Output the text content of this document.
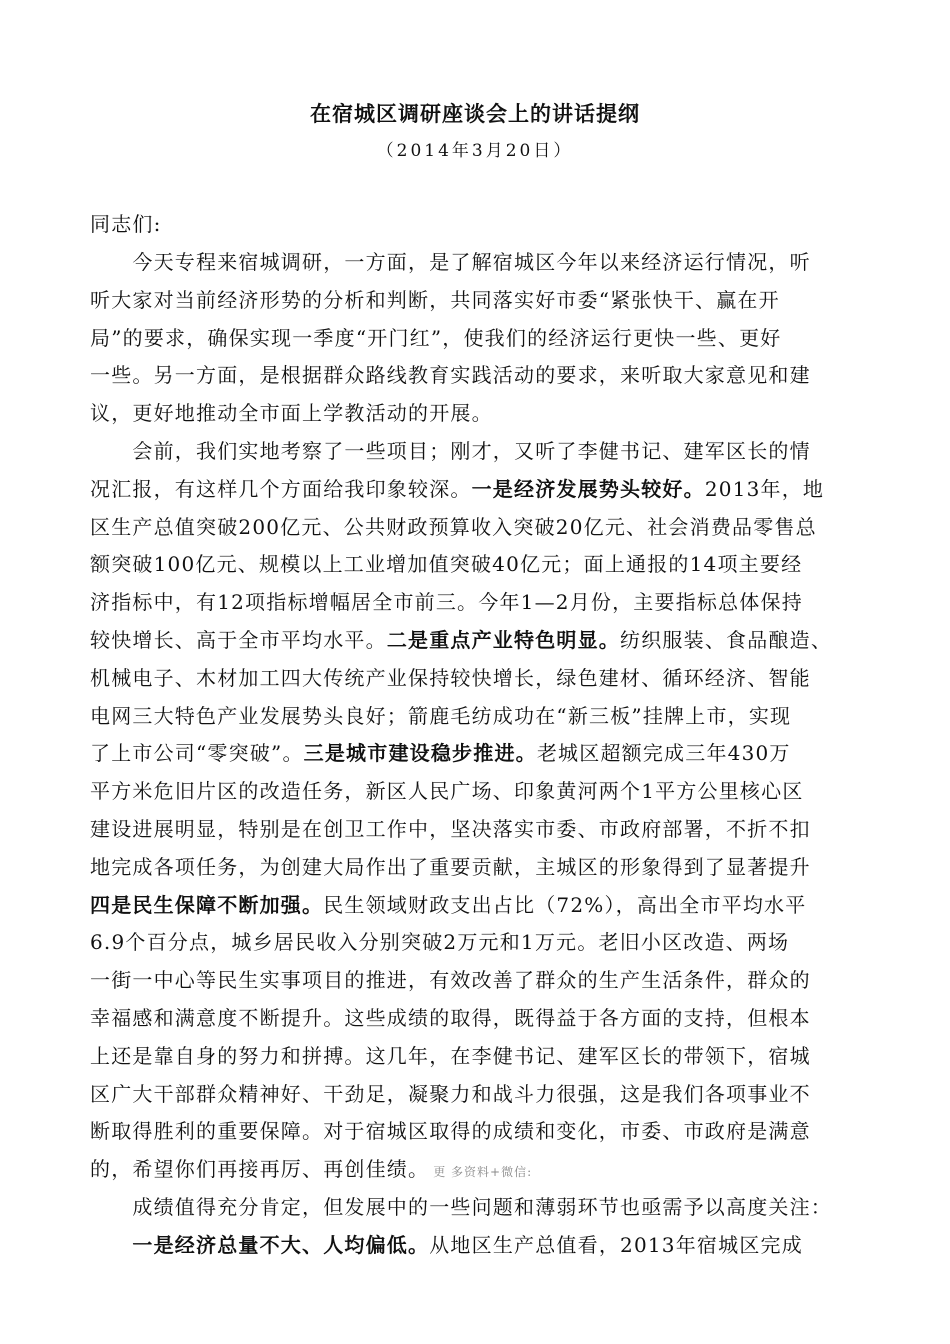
在宿城区调研座谈会上的讲话提纲
（2014年3月20日）
同志们:
　　今天专程来宿城调研，一方面，是了解宿城区今年以来经济运行情况，听
听大家对当前经济形势的分析和判断，共同落实好市委“紧张快干、赢在开
局”的要求，确保实现一季度“开门红”，使我们的经济运行更快一些、更好
一些。另一方面，是根据群众路线教育实践活动的要求，来听取大家意见和建
议，更好地推动全市面上学教活动的开展。
　　会前，我们实地考察了一些项目；刚才，又听了李健书记、建军区长的情
况汇报，有这样几个方面给我印象较深。一是经济发展势头较好。2013年，地
区生产总值突破200亿元、公共财政预算收入突破20亿元、社会消费品零售总
额突破100亿元、规模以上工业增加值突破40亿元；面上通报的14项主要经
济指标中，有12项指标增幅居全市前三。今年1—2月份，主要指标总体保持
较快增长、高于全市平均水平。二是重点产业特色明显。纺织服装、食品酿造、
机械电子、木材加工四大传统产业保持较快增长，绿色建材、循环经济、智能
电网三大特色产业发展势头良好；箭鹿毛纺成功在“新三板”挂牌上市，实现
了上市公司“零突破”。三是城市建设稳步推进。老城区超额完成三年430万
平方米危旧片区的改造任务，新区人民广场、印象黄河两个1平方公里核心区
建设进展明显，特别是在创卫工作中，坚决落实市委、市政府部署，不折不扣
地完成各项任务，为创建大局作出了重要贡献，主城区的形象得到了显著提升
四是民生保障不断加强。民生领域财政支出占比（72%），高出全市平均水平
6.9个百分点，城乡居民收入分别突破2万元和1万元。老旧小区改造、两场
一街一中心等民生实事项目的推进，有效改善了群众的生产生活条件，群众的
幸福感和满意度不断提升。这些成绩的取得，既得益于各方面的支持，但根本
上还是靠自身的努力和拼搏。这几年，在李健书记、建军区长的带领下，宿城
区广大干部群众精神好、干劲足，凝聚力和战斗力很强，这是我们各项事业不
断取得胜利的重要保障。对于宿城区取得的成绩和变化，市委、市政府是满意
的，希望你们再接再厉、再创佳绩。 更 多资料+微信:
　　成绩值得充分肯定，但发展中的一些问题和薄弱环节也亟需予以高度关注：
　　一是经济总量不大、人均偏低。从地区生产总值看，2013年宿城区完成
